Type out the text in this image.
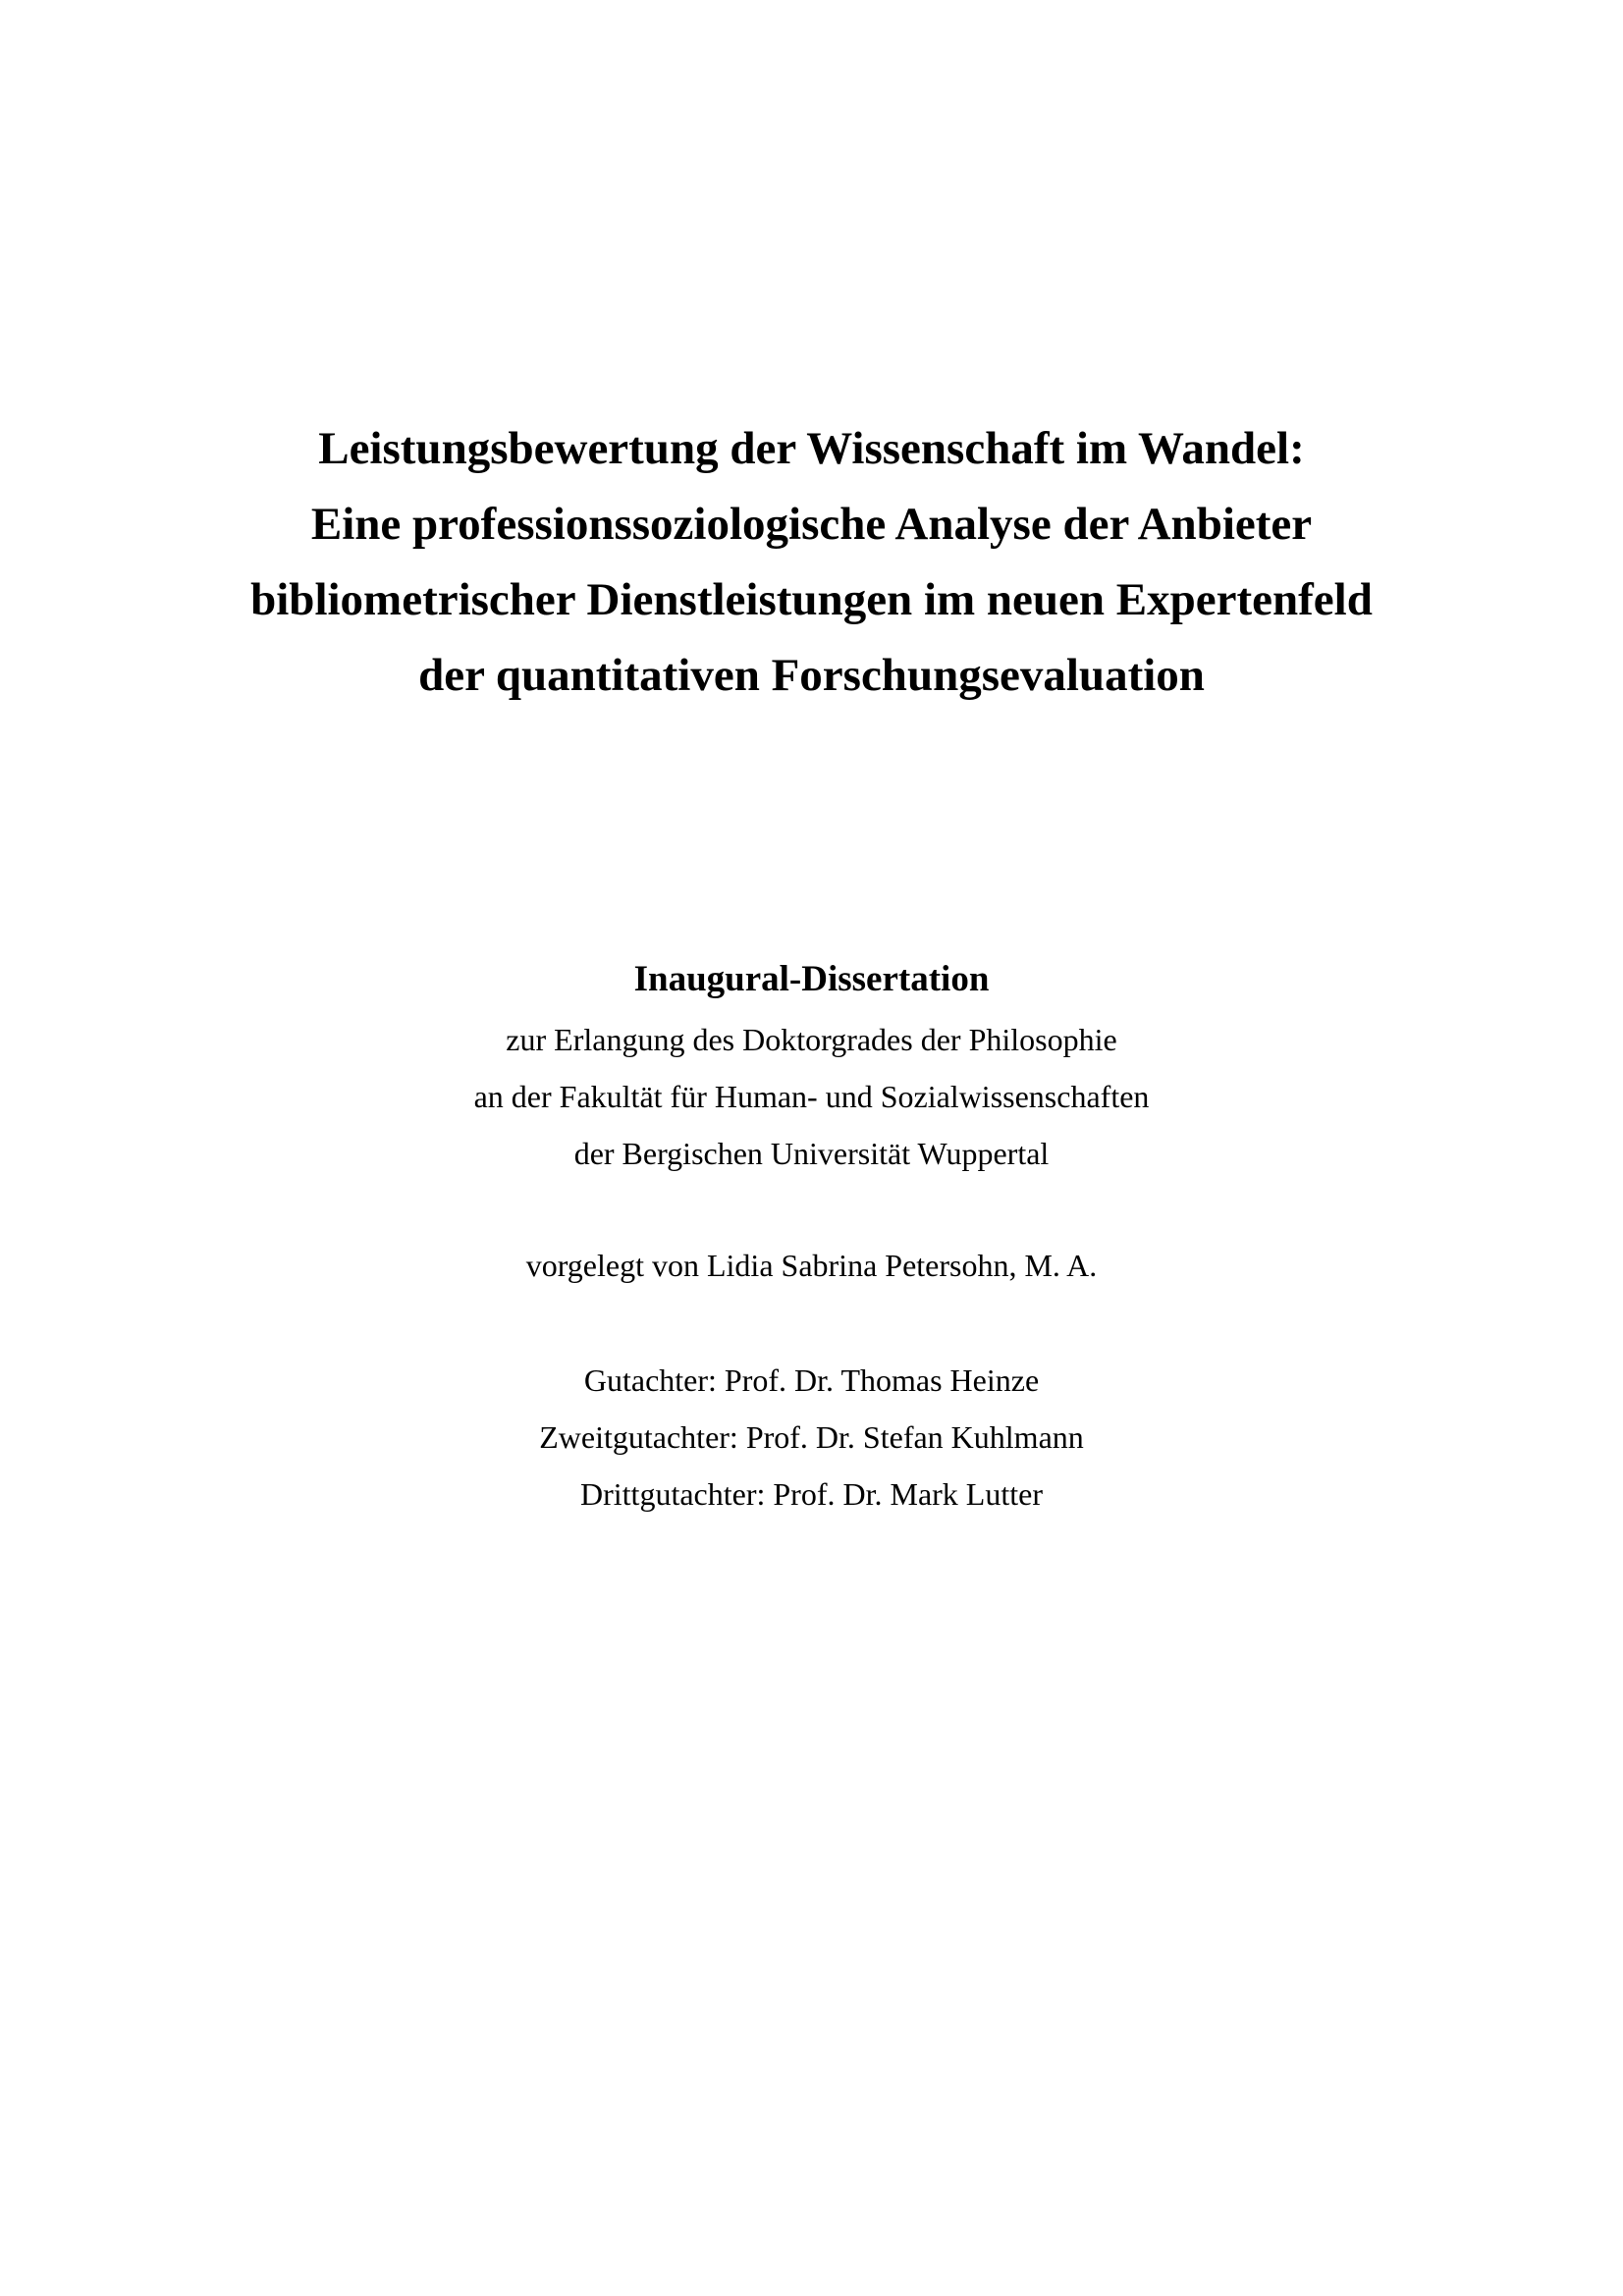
Leistungsbewertung der Wissenschaft im Wandel:
Eine professionssoziologische Analyse der Anbieter
bibliometrischer Dienstleistungen im neuen Expertenfeld
der quantitativen Forschungsevaluation
Inaugural-Dissertation
zur Erlangung des Doktorgrades der Philosophie
an der Fakultät für Human- und Sozialwissenschaften
der Bergischen Universität Wuppertal
vorgelegt von Lidia Sabrina Petersohn, M. A.
Gutachter: Prof. Dr. Thomas Heinze
Zweitgutachter: Prof. Dr. Stefan Kuhlmann
Drittgutachter: Prof. Dr. Mark Lutter
